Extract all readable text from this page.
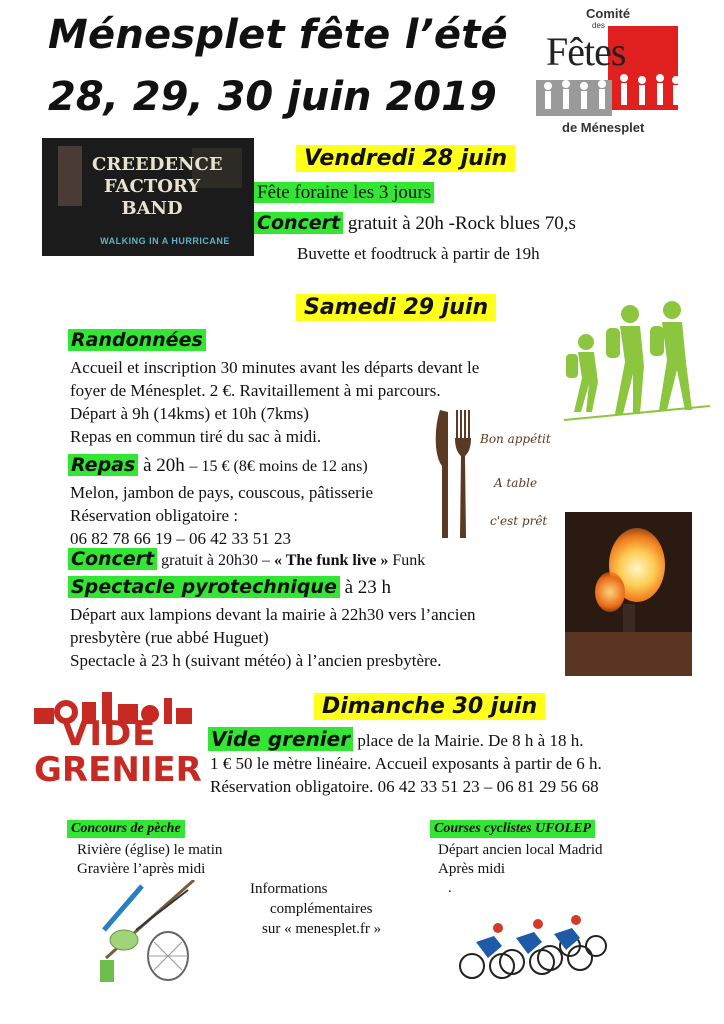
Ménesplet fête l’été
28, 29, 30 juin 2019
Comité
des
Fêtes
de Ménesplet
CREEDENCE
FACTORY
BAND
WALKING IN A HURRICANE
Vendredi 28 juin
Fête foraine les 3 jours
Concert gratuit à 20h -Rock blues 70,s
Buvette et foodtruck à partir de 19h
Samedi 29 juin
Randonnées
Accueil et inscription 30 minutes avant les départs devant le
foyer de Ménesplet. 2 €. Ravitaillement à mi parcours.
Départ à 9h (14kms) et 10h (7kms)
Repas en commun tiré du sac à midi.	Bon appétit
A table
c'est prêt
Repas à 20h – 15 € (8€ moins de 12 ans)
Melon, jambon de pays, couscous, pâtisserie
Réservation obligatoire :
06 82 78 66 19 – 06 42 33 51 23
Concert gratuit à 20h30 – « The funk live » Funk
Spectacle pyrotechnique à 23 h
Départ aux lampions devant la mairie à 22h30 vers l’ancien
presbytère (rue abbé Huguet)
Spectacle à 23 h (suivant météo) à l’ancien presbytère.
VIDE
GRENIER
Dimanche 30 juin
Vide grenier place de la Mairie. De 8 h à 18 h.
1 € 50 le mètre linéaire. Accueil exposants à partir de 6 h.
Réservation obligatoire. 06 42 33 51 23 – 06 81 29 56 68
Concours de pèche
Rivière (église) le matin
Gravière l’après midi
Informations
complémentaires
sur « menesplet.fr »
Courses cyclistes UFOLEP
Départ ancien local Madrid
Après midi
.
